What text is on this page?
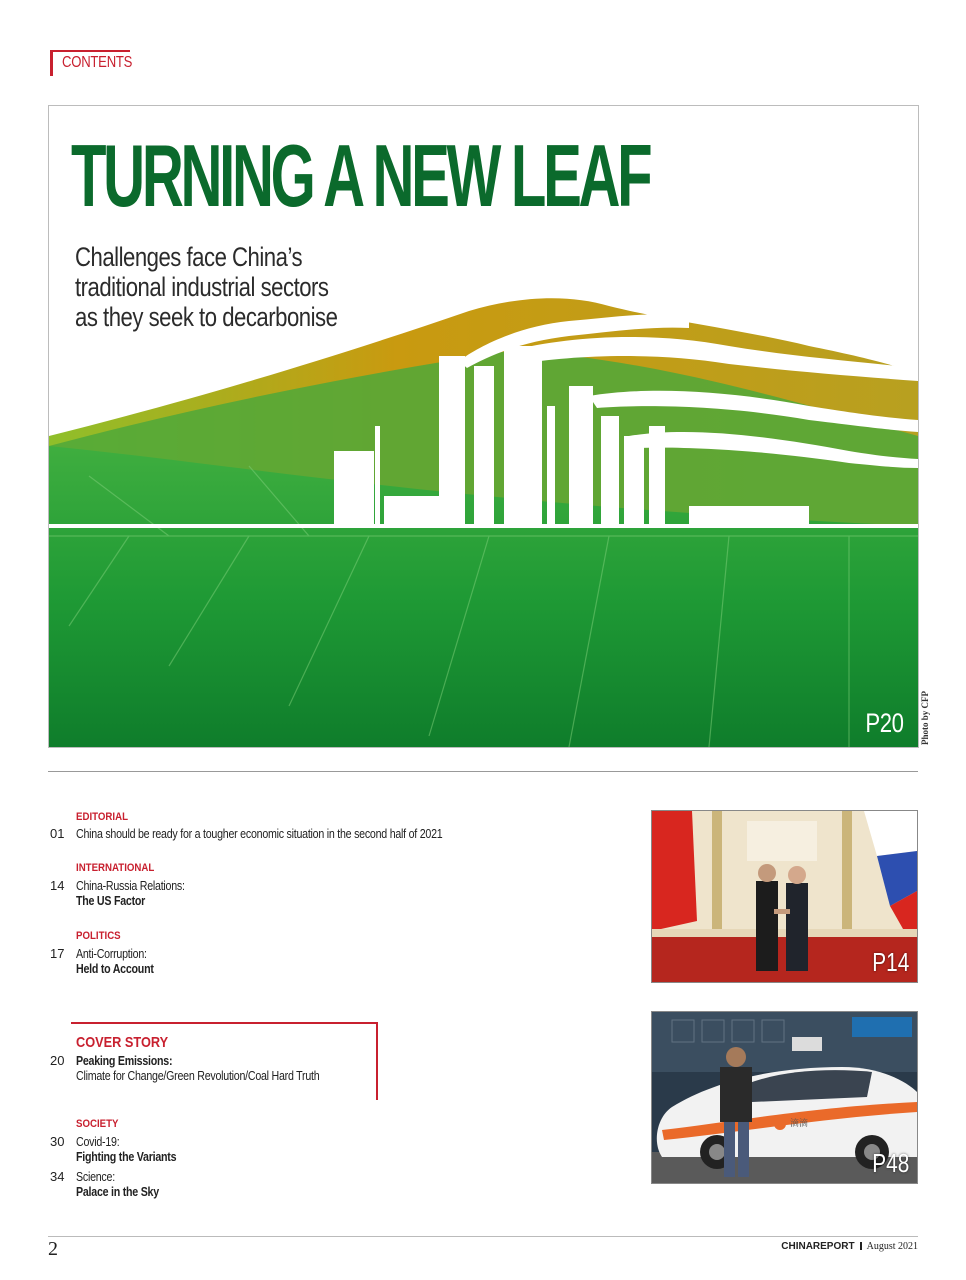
CONTENTS
TURNING A NEW LEAF
Challenges face China’s
traditional industrial sectors
as they seek to decarbonise
P20 Photo by CFP
EDITORIAL
01 China should be ready for a tougher economic situation in the second half of 2021
INTERNATIONAL
14 China-Russia Relations:
The US Factor
POLITICS
17 Anti-Corruption:
Held to Account
COVER STORY
20 Peaking Emissions:
Climate for Change/Green Revolution/Coal Hard Truth
SOCIETY
30 Covid-19:
Fighting the Variants
34 Science:
Palace in the Sky
P14
滴滴
P48
2	CHINAREPORT August 2021
